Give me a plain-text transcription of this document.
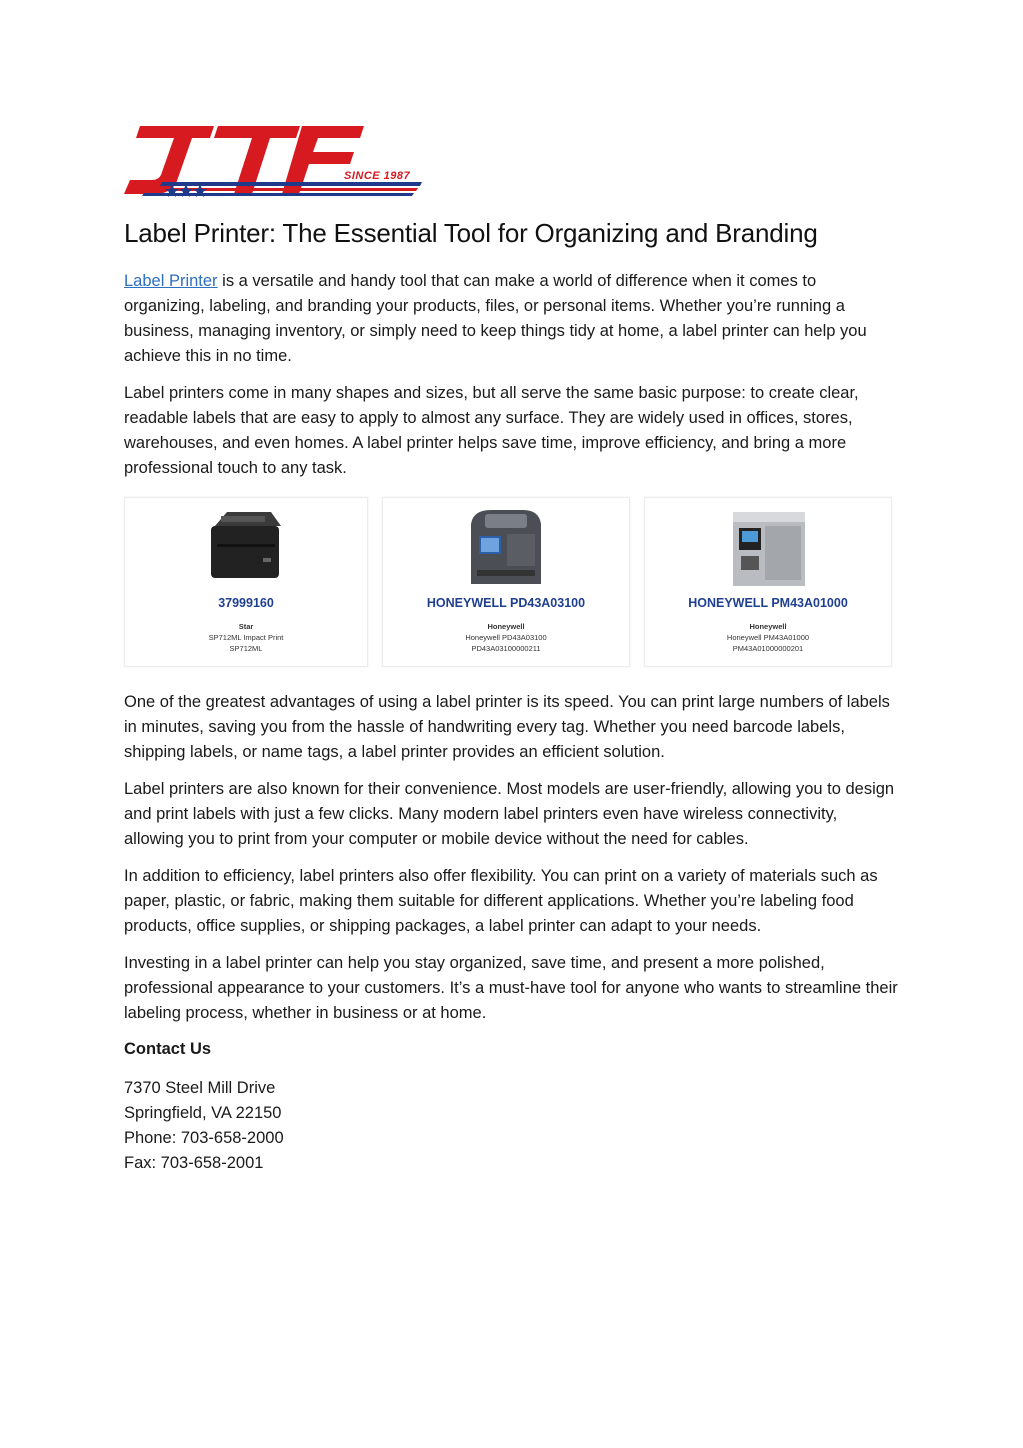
SINCE 1987
Label Printer: The Essential Tool for Organizing and Branding

Label Printer is a versatile and handy tool that can make a world of difference when it comes to organizing, labeling, and branding your products, files, or personal items. Whether you’re running a business, managing inventory, or simply need to keep things tidy at home, a label printer can help you achieve this in no time.

Label printers come in many shapes and sizes, but all serve the same basic purpose: to create clear, readable labels that are easy to apply to almost any surface. They are widely used in offices, stores, warehouses, and even homes. A label printer helps save time, improve efficiency, and bring a more professional touch to any task.

37999160
Star
SP712ML Impact Print
SP712ML
HONEYWELL PD43A03100
Honeywell
Honeywell PD43A03100
PD43A03100000211
HONEYWELL PM43A01000
Honeywell
Honeywell PM43A01000
PM43A01000000201

One of the greatest advantages of using a label printer is its speed. You can print large numbers of labels in minutes, saving you from the hassle of handwriting every tag. Whether you need barcode labels, shipping labels, or name tags, a label printer provides an efficient solution.

Label printers are also known for their convenience. Most models are user-friendly, allowing you to design and print labels with just a few clicks. Many modern label printers even have wireless connectivity, allowing you to print from your computer or mobile device without the need for cables.

In addition to efficiency, label printers also offer flexibility. You can print on a variety of materials such as paper, plastic, or fabric, making them suitable for different applications. Whether you’re labeling food products, office supplies, or shipping packages, a label printer can adapt to your needs.

Investing in a label printer can help you stay organized, save time, and present a more polished, professional appearance to your customers. It’s a must-have tool for anyone who wants to streamline their labeling process, whether in business or at home.

Contact Us
7370 Steel Mill Drive
Springfield, VA 22150
Phone: 703-658-2000
Fax: 703-658-2001
